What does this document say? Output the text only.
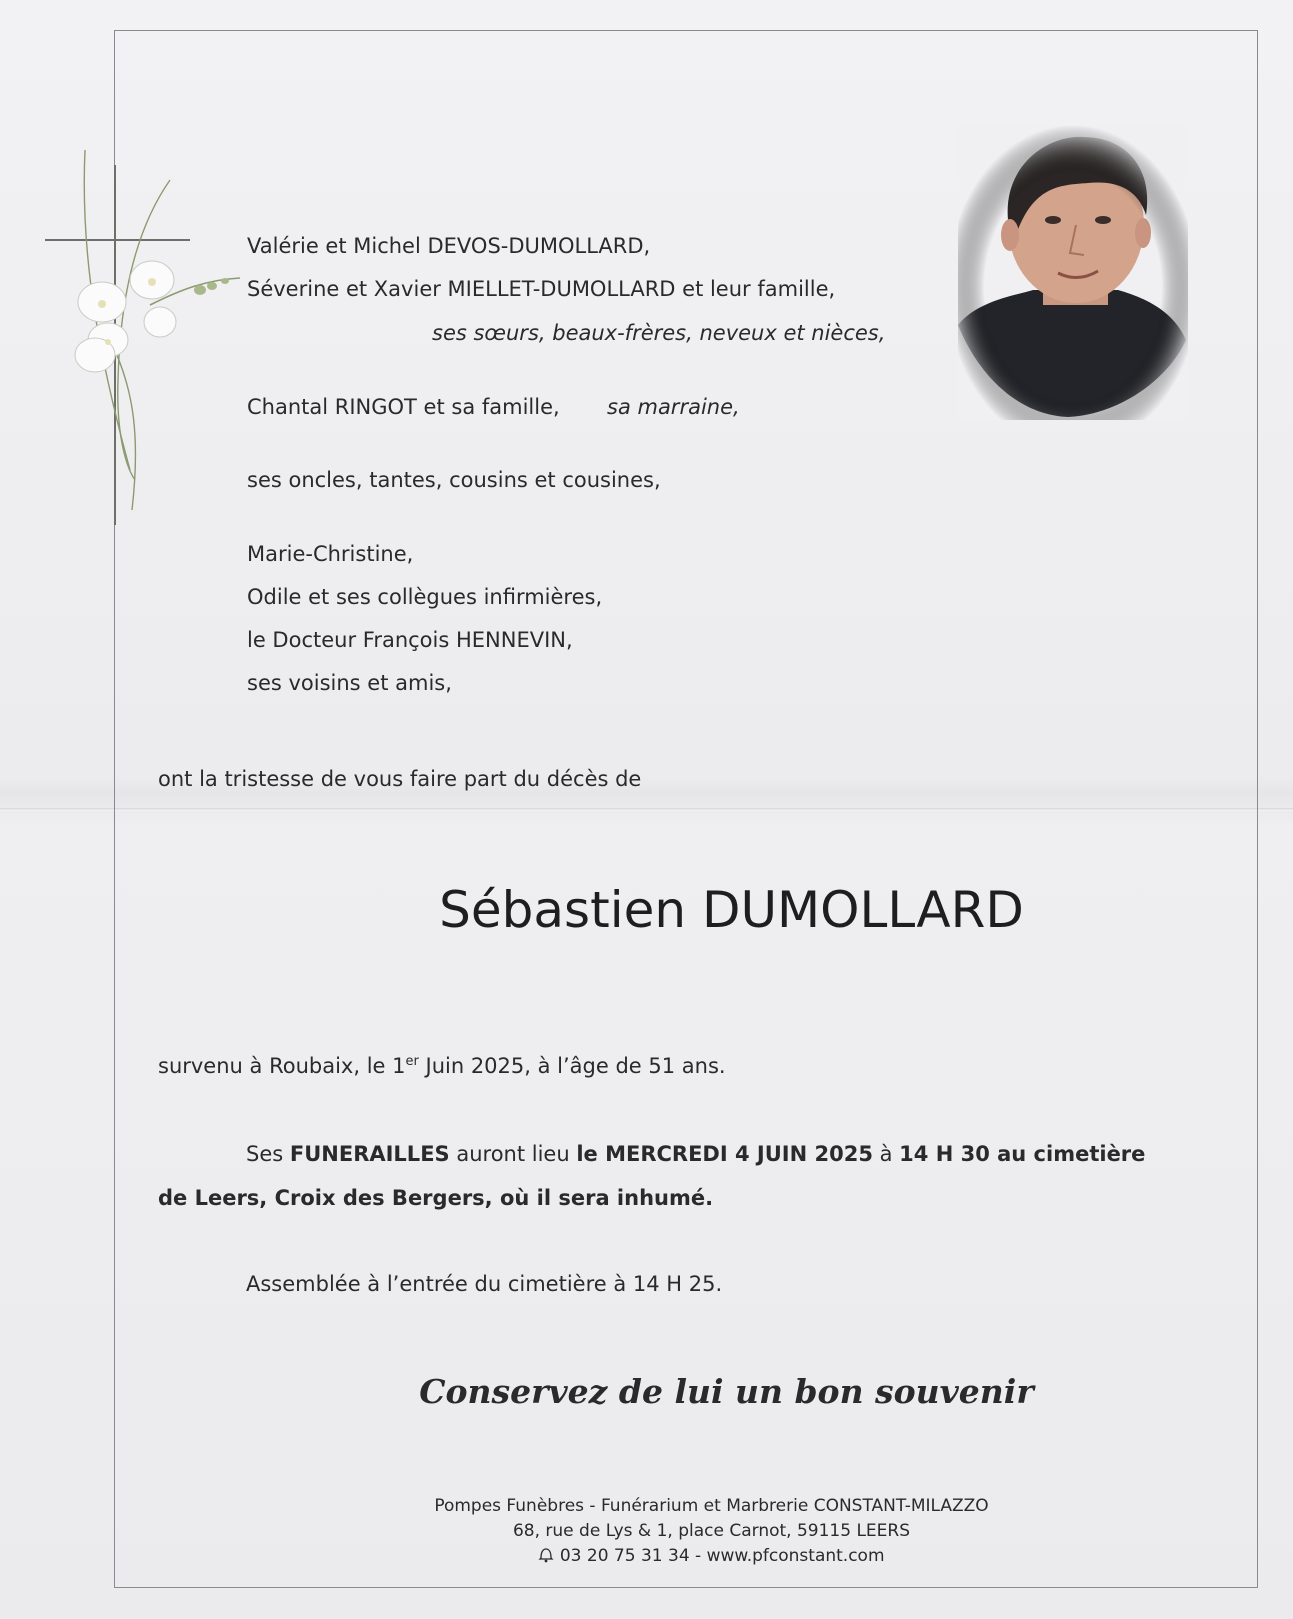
Valérie et Michel DEVOS-DUMOLLARD,
Séverine et Xavier MIELLET-DUMOLLARD et leur famille,
ses sœurs, beaux-frères, neveux et nièces,
Chantal RINGOT et sa famille, sa marraine,
ses oncles, tantes, cousins et cousines,
Marie-Christine,
Odile et ses collègues infirmières,
le Docteur François HENNEVIN,
ses voisins et amis,
ont la tristesse de vous faire part du décès de
Sébastien DUMOLLARD
survenu à Roubaix, le 1er Juin 2025, à l’âge de 51 ans.
Ses FUNERAILLES auront lieu le MERCREDI 4 JUIN 2025 à 14 H 30 au cimetière
de Leers, Croix des Bergers, où il sera inhumé.
Assemblée à l’entrée du cimetière à 14 H 25.
Conservez de lui un bon souvenir
Pompes Funèbres - Funérarium et Marbrerie CONSTANT-MILAZZO
68, rue de Lys & 1, place Carnot, 59115 LEERS
03 20 75 31 34 - www.pfconstant.com
